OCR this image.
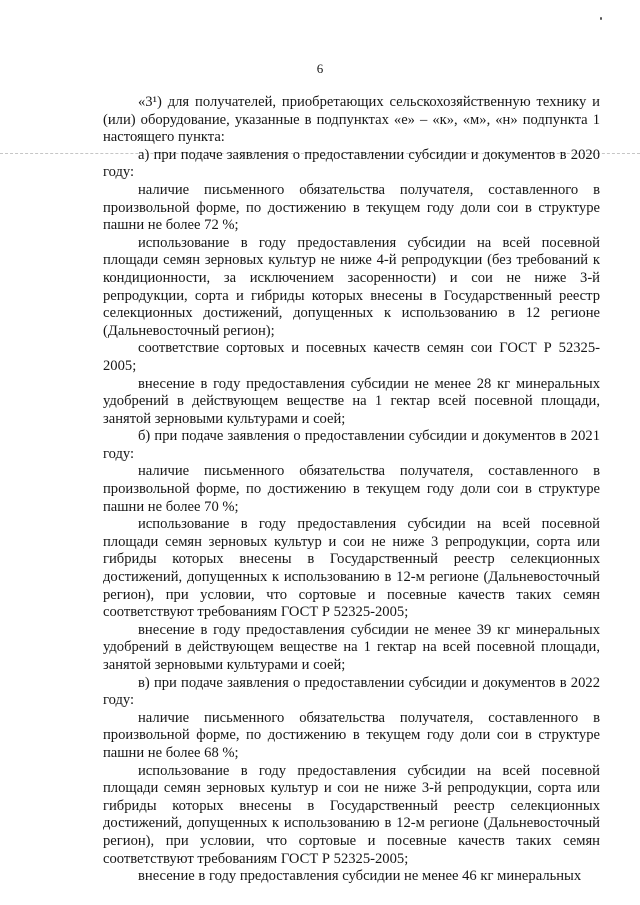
6

«3¹) для получателей, приобретающих сельскохозяйственную технику и (или) оборудование, указанные в подпунктах «е» – «к», «м», «н» подпункта 1 настоящего пункта:

а) при подаче заявления о предоставлении субсидии и документов в 2020 году:

наличие письменного обязательства получателя, составленного в произвольной форме, по достижению в текущем году доли сои в структуре пашни не более 72 %;

использование в году предоставления субсидии на всей посевной площади семян зерновых культур не ниже 4-й репродукции (без требований к кондиционности, за исключением засоренности) и сои не ниже 3-й репродукции, сорта и гибриды которых внесены в Государственный реестр селекционных достижений, допущенных к использованию в 12 регионе (Дальневосточный регион);

соответствие сортовых и посевных качеств семян сои ГОСТ Р 52325-2005;

внесение в году предоставления субсидии не менее 28 кг минеральных удобрений в действующем веществе на 1 гектар всей посевной площади, занятой зерновыми культурами и соей;

б) при подаче заявления о предоставлении субсидии и документов в 2021 году:

наличие письменного обязательства получателя, составленного в произвольной форме, по достижению в текущем году доли сои в структуре пашни не более 70 %;

использование в году предоставления субсидии на всей посевной площади семян зерновых культур и сои не ниже 3 репродукции, сорта или гибриды которых внесены в Государственный реестр селекционных достижений, допущенных к использованию в 12-м регионе (Дальневосточный регион), при условии, что сортовые и посевные качеств таких семян соответствуют требованиям ГОСТ Р 52325-2005;

внесение в году предоставления субсидии не менее 39 кг минеральных удобрений в действующем веществе на 1 гектар на всей посевной площади, занятой зерновыми культурами и соей;

в) при подаче заявления о предоставлении субсидии и документов в 2022 году:

наличие письменного обязательства получателя, составленного в произвольной форме, по достижению в текущем году доли сои в структуре пашни не более 68 %;

использование в году предоставления субсидии на всей посевной площади семян зерновых культур и сои не ниже 3-й репродукции, сорта или гибриды которых внесены в Государственный реестр селекционных достижений, допущенных к использованию в 12-м регионе (Дальневосточный регион), при условии, что сортовые и посевные качеств таких семян соответствуют требованиям ГОСТ Р 52325-2005;

внесение в году предоставления субсидии не менее 46 кг минеральных
